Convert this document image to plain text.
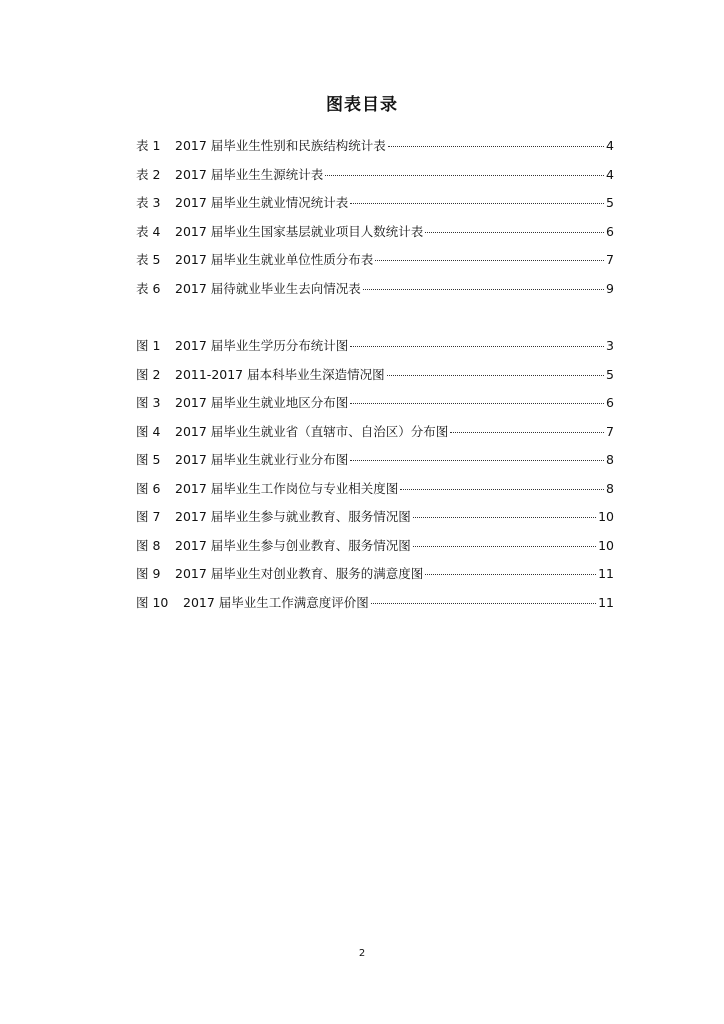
图表目录
表 1	2017 届毕业生性别和民族结构统计表	4
表 2	2017 届毕业生生源统计表	4
表 3	2017 届毕业生就业情况统计表	5
表 4	2017 届毕业生国家基层就业项目人数统计表	6
表 5	2017 届毕业生就业单位性质分布表	7
表 6	2017 届待就业毕业生去向情况表	9
图 1	2017 届毕业生学历分布统计图	3
图 2	2011-2017 届本科毕业生深造情况图	5
图 3	2017 届毕业生就业地区分布图	6
图 4	2017 届毕业生就业省（直辖市、自治区）分布图	7
图 5	2017 届毕业生就业行业分布图	8
图 6	2017 届毕业生工作岗位与专业相关度图	8
图 7	2017 届毕业生参与就业教育、服务情况图	10
图 8	2017 届毕业生参与创业教育、服务情况图	10
图 9	2017 届毕业生对创业教育、服务的满意度图	11
图 10	2017 届毕业生工作满意度评价图	11
2
